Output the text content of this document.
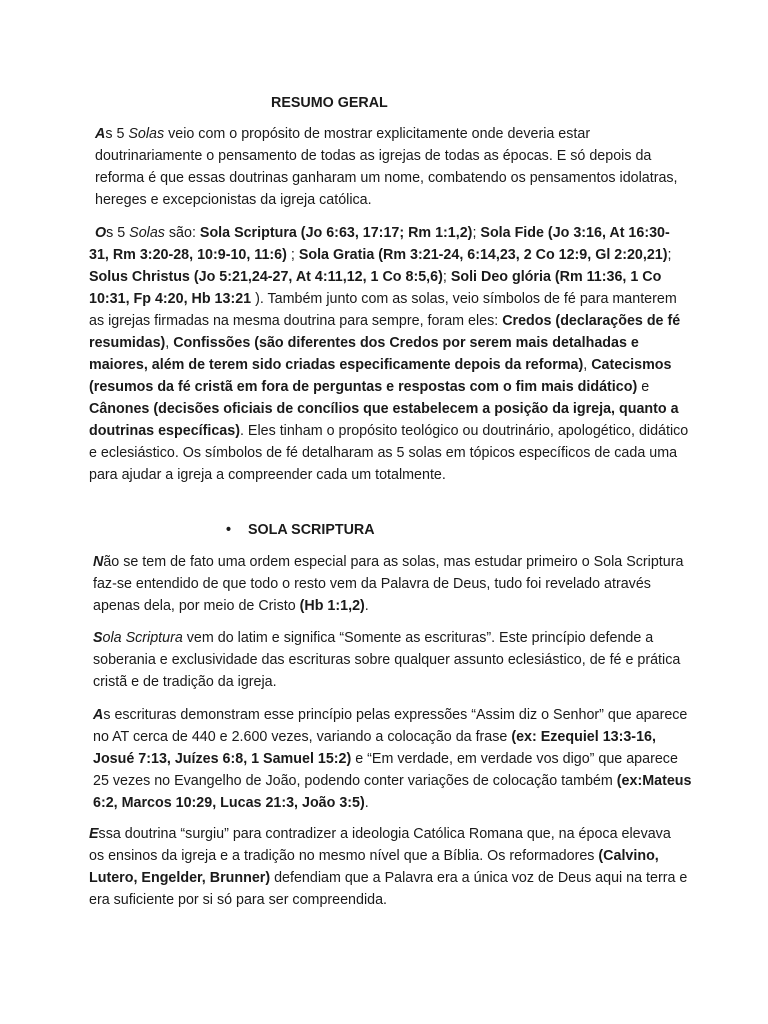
RESUMO GERAL

As 5 Solas veio com o propósito de mostrar explicitamente onde deveria estar doutrinariamente o pensamento de todas as igrejas de todas as épocas. E só depois da reforma é que essas doutrinas ganharam um nome, combatendo os pensamentos idolatras, hereges e excepcionistas da igreja católica.

Os 5 Solas são: Sola Scriptura (Jo 6:63, 17:17; Rm 1:1,2); Sola Fide (Jo 3:16, At 16:30-31, Rm 3:20-28, 10:9-10, 11:6) ; Sola Gratia (Rm 3:21-24, 6:14,23, 2 Co 12:9, Gl 2:20,21); Solus Christus (Jo 5:21,24-27, At 4:11,12, 1 Co 8:5,6); Soli Deo glória (Rm 11:36, 1 Co 10:31, Fp 4:20, Hb 13:21 ). Também junto com as solas, veio símbolos de fé para manterem as igrejas firmadas na mesma doutrina para sempre, foram eles: Credos (declarações de fé resumidas), Confissões (são diferentes dos Credos por serem mais detalhadas e maiores, além de terem sido criadas especificamente depois da reforma), Catecismos (resumos da fé cristã em fora de perguntas e respostas com o fim mais didático) e Cânones (decisões oficiais de concílios que estabelecem a posição da igreja, quanto a doutrinas específicas). Eles tinham o propósito teológico ou doutrinário, apologético, didático e eclesiástico. Os símbolos de fé detalharam as 5 solas em tópicos específicos de cada uma para ajudar a igreja a compreender cada um totalmente.

• SOLA SCRIPTURA

Não se tem de fato uma ordem especial para as solas, mas estudar primeiro o Sola Scriptura faz-se entendido de que todo o resto vem da Palavra de Deus, tudo foi revelado através apenas dela, por meio de Cristo (Hb 1:1,2).

Sola Scriptura vem do latim e significa “Somente as escrituras”. Este princípio defende a soberania e exclusividade das escrituras sobre qualquer assunto eclesiástico, de fé e prática cristã e de tradição da igreja.

As escrituras demonstram esse princípio pelas expressões “Assim diz o Senhor” que aparece no AT cerca de 440 e 2.600 vezes, variando a colocação da frase (ex: Ezequiel 13:3-16, Josué 7:13, Juízes 6:8, 1 Samuel 15:2) e “Em verdade, em verdade vos digo” que aparece 25 vezes no Evangelho de João, podendo conter variações de colocação também (ex:Mateus 6:2, Marcos 10:29, Lucas 21:3, João 3:5).

Essa doutrina “surgiu” para contradizer a ideologia Católica Romana que, na época elevava os ensinos da igreja e a tradição no mesmo nível que a Bíblia. Os reformadores (Calvino, Lutero, Engelder, Brunner) defendiam que a Palavra era a única voz de Deus aqui na terra e era suficiente por si só para ser compreendida.
